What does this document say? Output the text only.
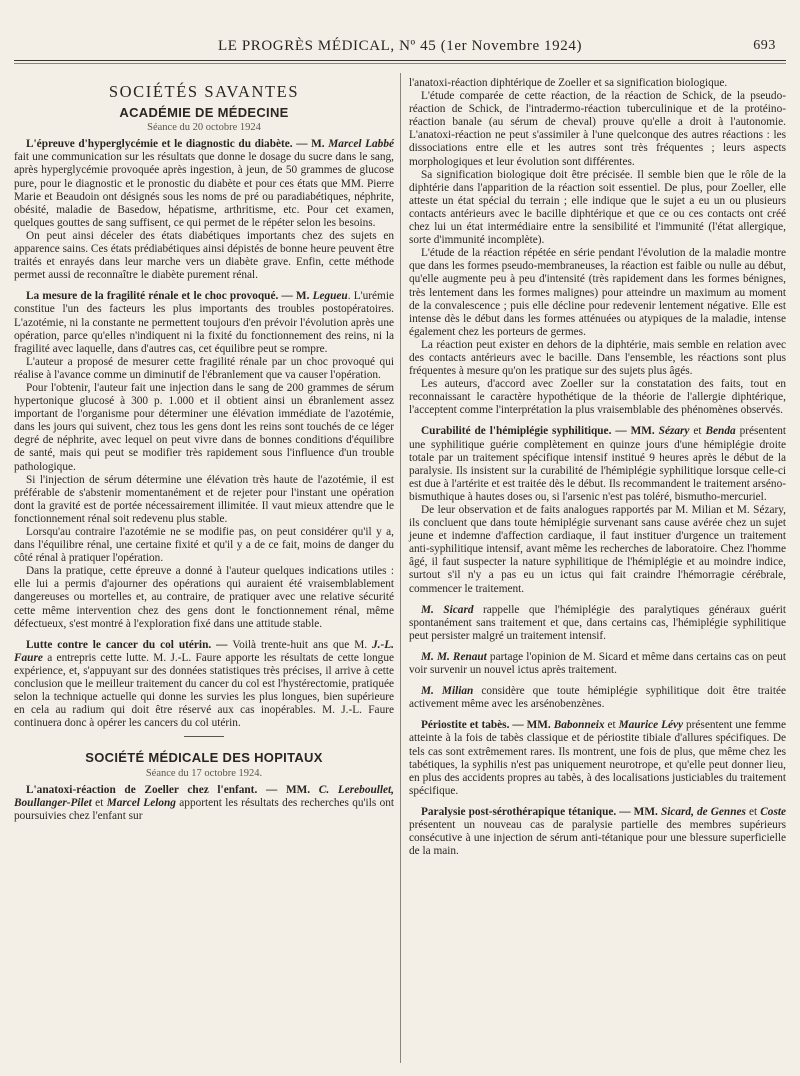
LE PROGRÈS MÉDICAL, Nº 45 (1er Novembre 1924)	693
SOCIÉTÉS SAVANTES
ACADÉMIE DE MÉDECINE
Séance du 20 octobre 1924

L'épreuve d'hyperglycémie et le diagnostic du diabète. — M. Marcel Labbé fait une communication sur les résultats que donne le dosage du sucre dans le sang, après hyperglycémie provoquée après ingestion, à jeun, de 50 grammes de glucose pure, pour le diagnostic et le pronostic du diabète et pour ces états que MM. Pierre Marie et Beaudoin ont désignés sous les noms de pré ou paradiabétiques, néphrite, obésité, maladie de Basedow, hépatisme, arthritisme, etc. Pour cet examen, quelques gouttes de sang suffisent, ce qui permet de le répéter selon les besoins.

On peut ainsi déceler des états diabétiques importants chez des sujets en apparence sains. Ces états prédiabétiques ainsi dépistés de bonne heure peuvent être traités et enrayés dans leur marche vers un diabète grave. Enfin, cette méthode permet aussi de reconnaître le diabète purement rénal.

La mesure de la fragilité rénale et le choc provoqué. — M. Legueu. L'urémie constitue l'un des facteurs les plus importants des troubles postopératoires. L'azotémie, ni la constante ne permettent toujours d'en prévoir l'évolution après une opération, parce qu'elles n'indiquent ni la fixité du fonctionnement des reins, ni la fragilité avec laquelle, dans d'autres cas, cet équilibre peut se rompre.

L'auteur a proposé de mesurer cette fragilité rénale par un choc provoqué qui réalise à l'avance comme un diminutif de l'ébranlement que va causer l'opération.

Pour l'obtenir, l'auteur fait une injection dans le sang de 200 grammes de sérum hypertonique glucosé à 300 p. 1.000 et il obtient ainsi un ébranlement assez important de l'organisme pour déterminer une élévation immédiate de l'azotémie, dans les jours qui suivent, chez tous les gens dont les reins sont touchés de ce léger degré de néphrite, avec lequel on peut vivre dans de bonnes conditions d'équilibre de santé, mais qui peut se modifier très rapidement sous l'influence d'un trouble pathologique.

Si l'injection de sérum détermine une élévation très haute de l'azotémie, il est préférable de s'abstenir momentanément et de rejeter pour l'instant une opération dont la gravité est de portée nécessairement illimitée. Il vaut mieux attendre que le fonctionnement rénal soit redevenu plus stable.

Lorsqu'au contraire l'azotémie ne se modifie pas, on peut considérer qu'il y a, dans l'équilibre rénal, une certaine fixité et qu'il y a de ce fait, moins de danger du côté rénal à pratiquer l'opération.

Dans la pratique, cette épreuve a donné à l'auteur quelques indications utiles : elle lui a permis d'ajourner des opérations qui auraient été vraisemblablement dangereuses ou mortelles et, au contraire, de pratiquer avec une relative sécurité cette même intervention chez des gens dont le fonctionnement rénal, même défectueux, s'est montré à l'exploration fixé dans une attitude stable.

Lutte contre le cancer du col utérin. — Voilà trente-huit ans que M. J.-L. Faure a entrepris cette lutte. M. J.-L. Faure apporte les résultats de cette longue expérience, et, s'appuyant sur des données statistiques très précises, il arrive à cette conclusion que le meilleur traitement du cancer du col est l'hystérectomie, pratiquée selon la technique actuelle qui donne les survies les plus longues, bien supérieure en cela au radium qui doit être réservé aux cas inopérables. M. J.-L. Faure continuera donc à opérer les cancers du col utérin.

SOCIÉTÉ MÉDICALE DES HOPITAUX
Séance du 17 octobre 1924.

L'anatoxi-réaction de Zoeller chez l'enfant. — MM. C. Lereboullet, Boullanger-Pilet et Marcel Lelong apportent les résultats des recherches qu'ils ont poursuivies chez l'enfant sur

l'anatoxi-réaction diphtérique de Zoeller et sa signification biologique.

L'étude comparée de cette réaction, de la réaction de Schick, de la pseudo-réaction de Schick, de l'intradermo-réaction tuberculinique et de la protéino-réaction banale (au sérum de cheval) prouve qu'elle a droit à l'autonomie. L'anatoxi-réaction ne peut s'assimiler à l'une quelconque des autres réactions : les dissociations entre elle et les autres sont très fréquentes ; leurs aspects morphologiques et leur évolution sont différentes.

Sa signification biologique doit être précisée. Il semble bien que le rôle de la diphtérie dans l'apparition de la réaction soit essentiel. De plus, pour Zoeller, elle atteste un état spécial du terrain ; elle indique que le sujet a eu un ou plusieurs contacts antérieurs avec le bacille diphtérique et que ce ou ces contacts ont créé chez lui un état intermédiaire entre la sensibilité et l'immunité (l'état allergique, sorte d'immunité incomplète).

L'étude de la réaction répétée en série pendant l'évolution de la maladie montre que dans les formes pseudo-membraneuses, la réaction est faible ou nulle au début, qu'elle augmente peu à peu d'intensité (très rapidement dans les formes bénignes, très lentement dans les formes malignes) pour atteindre un maximum au moment de la convalescence ; puis elle décline pour redevenir lentement négative. Elle est intense dès le début dans les formes atténuées ou atypiques de la maladie, intense également chez les porteurs de germes.

La réaction peut exister en dehors de la diphtérie, mais semble en relation avec des contacts antérieurs avec le bacille. Dans l'ensemble, les réactions sont plus fréquentes à mesure qu'on les pratique sur des sujets plus âgés.

Les auteurs, d'accord avec Zoeller sur la constatation des faits, tout en reconnaissant le caractère hypothétique de la théorie de l'allergie diphtérique, l'acceptent comme l'interprétation la plus vraisemblable des phénomènes observés.

Curabilité de l'hémiplégie syphilitique. — MM. Sézary et Benda présentent une syphilitique guérie complètement en quinze jours d'une hémiplégie droite totale par un traitement spécifique intensif institué 9 heures après le début de la paralysie. Ils insistent sur la curabilité de l'hémiplégie syphilitique lorsque celle-ci est due à l'artérite et est traitée dès le début. Ils recommandent le traitement arséno-bismuthique à hautes doses ou, si l'arsenic n'est pas toléré, bismutho-mercuriel.

De leur observation et de faits analogues rapportés par M. Milian et M. Sézary, ils concluent que dans toute hémiplégie survenant sans cause avérée chez un sujet jeune et indemne d'affection cardiaque, il faut instituer d'urgence un traitement anti-syphilitique intensif, avant même les recherches de laboratoire. Chez l'homme âgé, il faut suspecter la nature syphilitique de l'hémiplégie et au moindre indice, surtout s'il n'y a pas eu un ictus qui fait craindre l'hémorragie cérébrale, commencer le traitement.

M. Sicard rappelle que l'hémiplégie des paralytiques généraux guérit spontanément sans traitement et que, dans certains cas, l'hémiplégie syphilitique peut persister malgré un traitement intensif.

M. M. Renaut partage l'opinion de M. Sicard et même dans certains cas on peut voir survenir un nouvel ictus après traitement.

M. Milian considère que toute hémiplégie syphilitique doit être traitée activement même avec les arsénobenzènes.

Périostite et tabès. — MM. Babonneix et Maurice Lévy présentent une femme atteinte à la fois de tabès classique et de périostite tibiale d'allures spécifiques. De tels cas sont extrêmement rares. Ils montrent, une fois de plus, que même chez les tabétiques, la syphilis n'est pas uniquement neurotrope, et qu'elle peut donner lieu, en plus des accidents propres au tabès, à des localisations justiciables du traitement spécifique.

Paralysie post-sérothérapique tétanique. — MM. Sicard, de Gennes et Coste présentent un nouveau cas de paralysie partielle des membres supérieurs consécutive à une injection de sérum anti-tétanique pour une blessure superficielle de la main.
